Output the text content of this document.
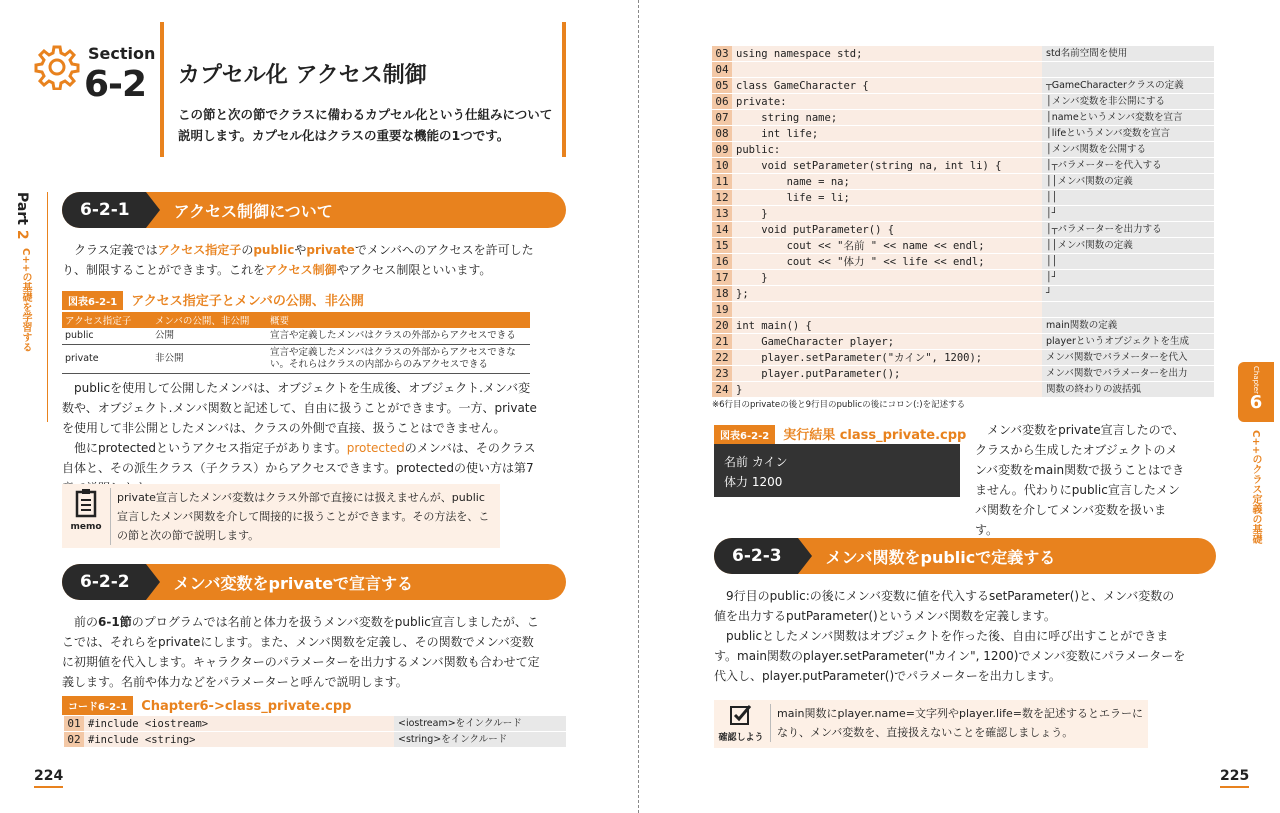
Section
6-2 カプセル化 アクセス制御
この節と次の節でクラスに備わるカプセル化という仕組みについて説明します。カプセル化はクラスの重要な機能の1つです。
Part 2
C++の基礎を学習する
6-2-1	アクセス制御について
クラス定義ではアクセス指定子のpublicやprivateでメンバへのアクセスを許可したり、制限することができます。これをアクセス制御やアクセス制限といいます。
図表6-2-1 アクセス指定子とメンバの公開、非公開
アクセス指定子	メンバの公開、非公開	概要
public	公開	宣言や定義したメンバはクラスの外部からアクセスできる
private	非公開	宣言や定義したメンバはクラスの外部からアクセスできない。それらはクラスの内部からのみアクセスできる
publicを使用して公開したメンバは、オブジェクトを生成後、オブジェクト.メンバ変数や、オブジェクト.メンバ関数と記述して、自由に扱うことができます。一方、privateを使用して非公開としたメンバは、クラスの外側で直接、扱うことはできません。
他にprotectedというアクセス指定子があります。protectedのメンバは、そのクラス自体と、その派生クラス（子クラス）からアクセスできます。protectedの使い方は第7
memo
private宣言したメンバ変数はクラス外部で直接には扱えませんが、public宣言したメンバ関数を介して間接的に扱うことができます。その方法を、この節と次の節で説明します。
6-2-2	メンバ変数をprivateで宣言する
前の6-1節のプログラムでは名前と体力を扱うメンバ変数をpublic宣言しましたが、ここでは、それらをprivateにします。また、メンバ関数を定義し、その関数でメンバ変数に初期値を代入します。キャラクターのパラメーターを出力するメンバ関数も合わせて定義します。名前や体力などをパラメーターと呼んで説明します。
コード6-2-1 Chapter6->class_private.cpp
01 #include <iostream>	<iostream>をインクルード
02 #include <string>	<string>をインクルード
224
03 using namespace std;	std名前空間を使用
04
05 class GameCharacter {	┬GameCharacterクラスの定義
06 private:	│メンバ変数を非公開にする
07 string name;	│nameというメンバ変数を宣言
08 int life;	│lifeというメンバ変数を宣言
09 public:	│メンバ関数を公開する
10 void setParameter(string na, int li) {	│┬パラメーターを代入する
11 name = na;	││メンバ関数の定義
12 life = li;	││
13 }	│┘
14 void putParameter() {	│┬パラメーターを出力する
15 cout << "名前 " << name << endl;	││メンバ関数の定義
16 cout << "体力 " << life << endl;	││
17 }	│┘
18 };	┘
19
20 int main() {	main関数の定義
21 GameCharacter player;	playerというオブジェクトを生成
22 player.setParameter("カイン", 1200);	メンバ関数でパラメーターを代入
23 player.putParameter();	メンバ関数でパラメーターを出力
24 }	関数の終わりの波括弧
※6行目のprivateの後と9行目のpublicの後にコロン(:)を記述する
図表6-2-2 実行結果 class_private.cpp
名前 カイン
体力 1200
メンバ変数をprivate宣言したので、クラスから生成したオブジェクトのメンバ変数をmain関数で扱うことはできません。代わりにpublic宣言したメンバ関数を介してメンバ変数を扱います。
6-2-3	メンバ関数をpublicで定義する
9行目のpublic:の後にメンバ変数に値を代入するsetParameter()と、メンバ変数の値を出力するputParameter()というメンバ関数を定義します。
publicとしたメンバ関数はオブジェクトを作った後、自由に呼び出すことができます。main関数のplayer.setParameter("カイン", 1200)でメンバ変数にパラメーターを代入し、player.putParameter()でパラメーターを出力します。
確認しよう
main関数にplayer.name=文字列やplayer.life=数を記述するとエラーになり、メンバ変数を、直接扱えないことを確認しましょう。
Chapter
6
C++のクラス定義の基礎
225
